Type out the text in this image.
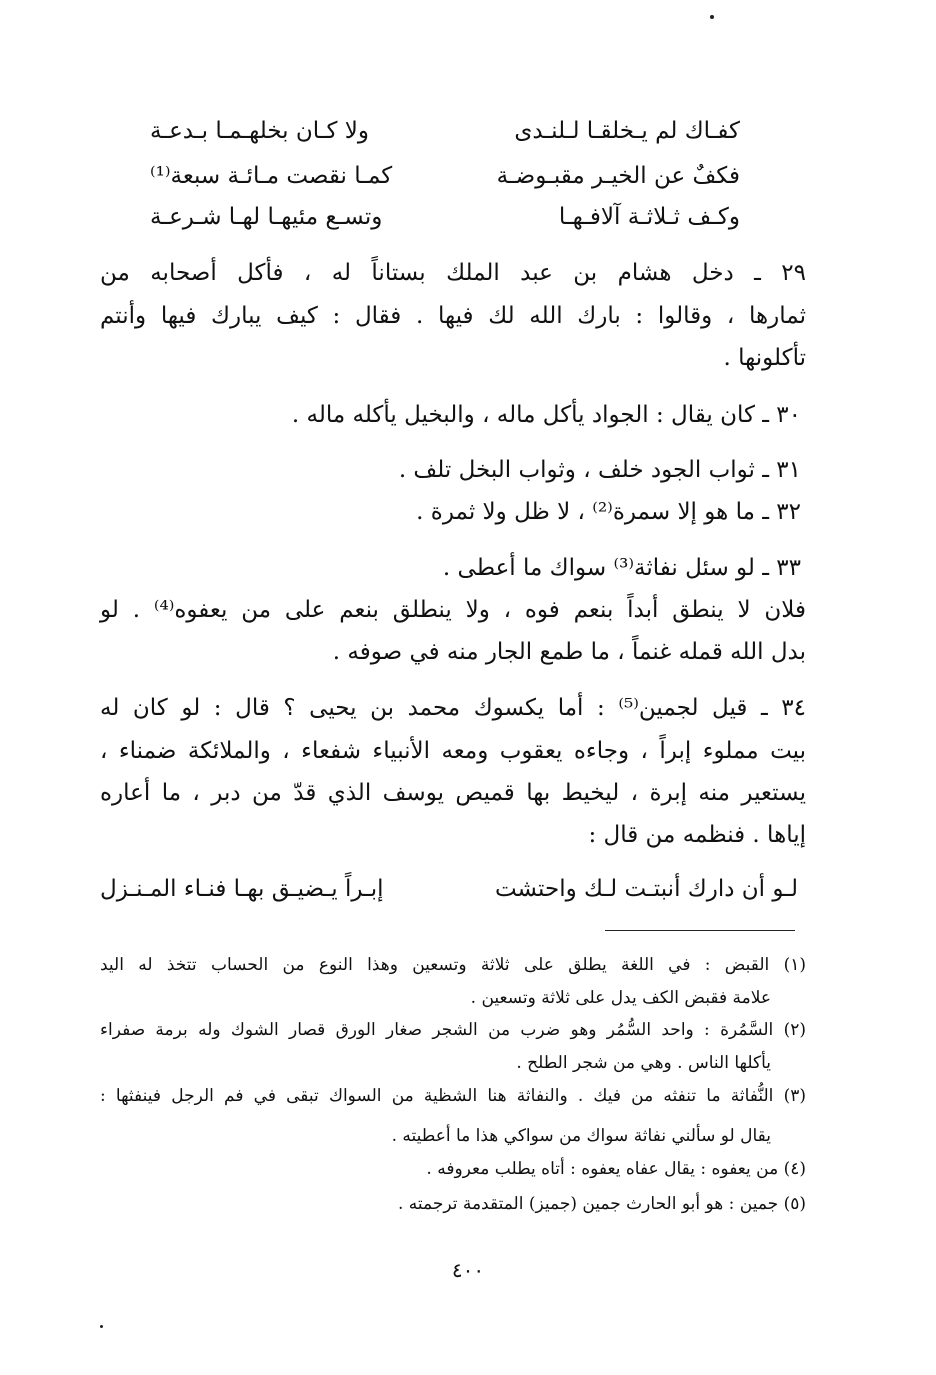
كفـاك لم يـخلقـا لـلنـدى
ولا كـان بخلهـمـا بـدعـة
فكفٌ عن الخيـر مقبـوضـة
كمـا نقصت مـائـة سبعة⁽¹⁾
وكـف ثـلاثـة آلافـهـا
وتسـع مئيهـا لهـا شـرعـة
٢٩ ـ دخل هشام بن عبد الملك بستاناً له ، فأكل أصحابه من
ثمارها ، وقالوا : بارك الله لك فيها . فقال : كيف يبارك فيها وأنتم
تأكلونها .
٣٠ ـ كان يقال : الجواد يأكل ماله ، والبخيل يأكله ماله .
٣١ ـ ثواب الجود خلف ، وثواب البخل تلف .
٣٢ ـ ما هو إلا سمرة⁽²⁾ ، لا ظل ولا ثمرة .
٣٣ ـ لو سئل نفاثة⁽³⁾ سواك ما أعطى .
فلان لا ينطق أبداً بنعم فوه ، ولا ينطلق بنعم على من يعفوه⁽⁴⁾ . لو
بدل الله قمله غنماً ، ما طمع الجار منه في صوفه .
٣٤ ـ قيل لجمين⁽⁵⁾ : أما يكسوك محمد بن يحيى ؟ قال : لو كان له
بيت مملوء إبراً ، وجاءه يعقوب ومعه الأنبياء شفعاء ، والملائكة ضمناء ،
يستعير منه إبرة ، ليخيط بها قميص يوسف الذي قدّ من دبر ، ما أعاره
إياها . فنظمه من قال :
لـو أن دارك أنبتـت لـك واحتشت
إبـراً يـضيـق بهـا فنـاء المـنـزل
(١) القبض : في اللغة يطلق على ثلاثة وتسعين وهذا النوع من الحساب تتخذ له اليد
علامة فقبض الكف يدل على ثلاثة وتسعين .
(٢) السَّمُرة : واحد السُّمُر وهو ضرب من الشجر صغار الورق قصار الشوك وله برمة صفراء
يأكلها الناس . وهي من شجر الطلح .
(٣) النُّفاثة ما تنفثه من فيك . والنفاثة هنا الشظية من السواك تبقى في فم الرجل فينفثها :
يقال لو سألني نفاثة سواك من سواكي هذا ما أعطيته .
(٤) من يعفوه : يقال عفاه يعفوه : أتاه يطلب معروفه .
(٥) جمين : هو أبو الحارث جمين (جميز) المتقدمة ترجمته .
٤٠٠
